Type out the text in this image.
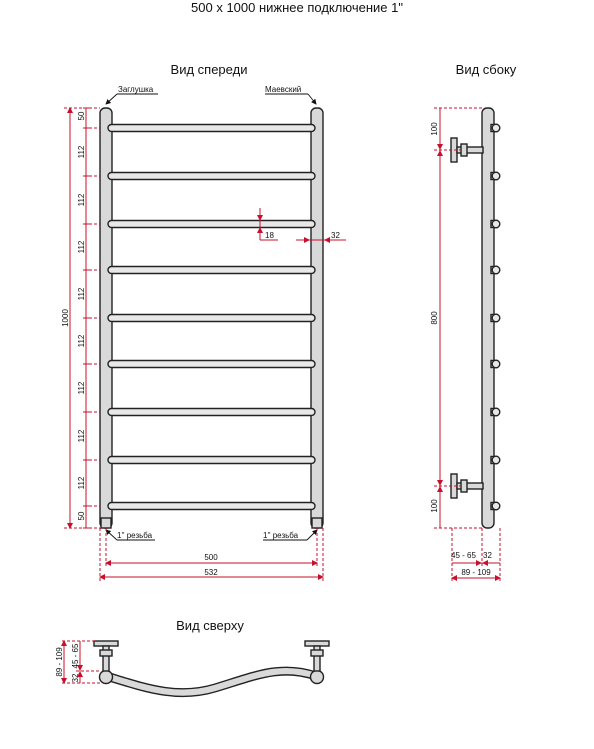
500 x 1000 нижнее подключение 1"
Вид спереди
Заглушка	Маевский
1'' резьба	1'' резьба
50
112
112
112
112
112
112
112
112
50
1000
18	32
500
532
Вид сбоку
100
800
100
45 - 65 32
89 - 109
Вид сверху
89 - 109 45 - 65
32
